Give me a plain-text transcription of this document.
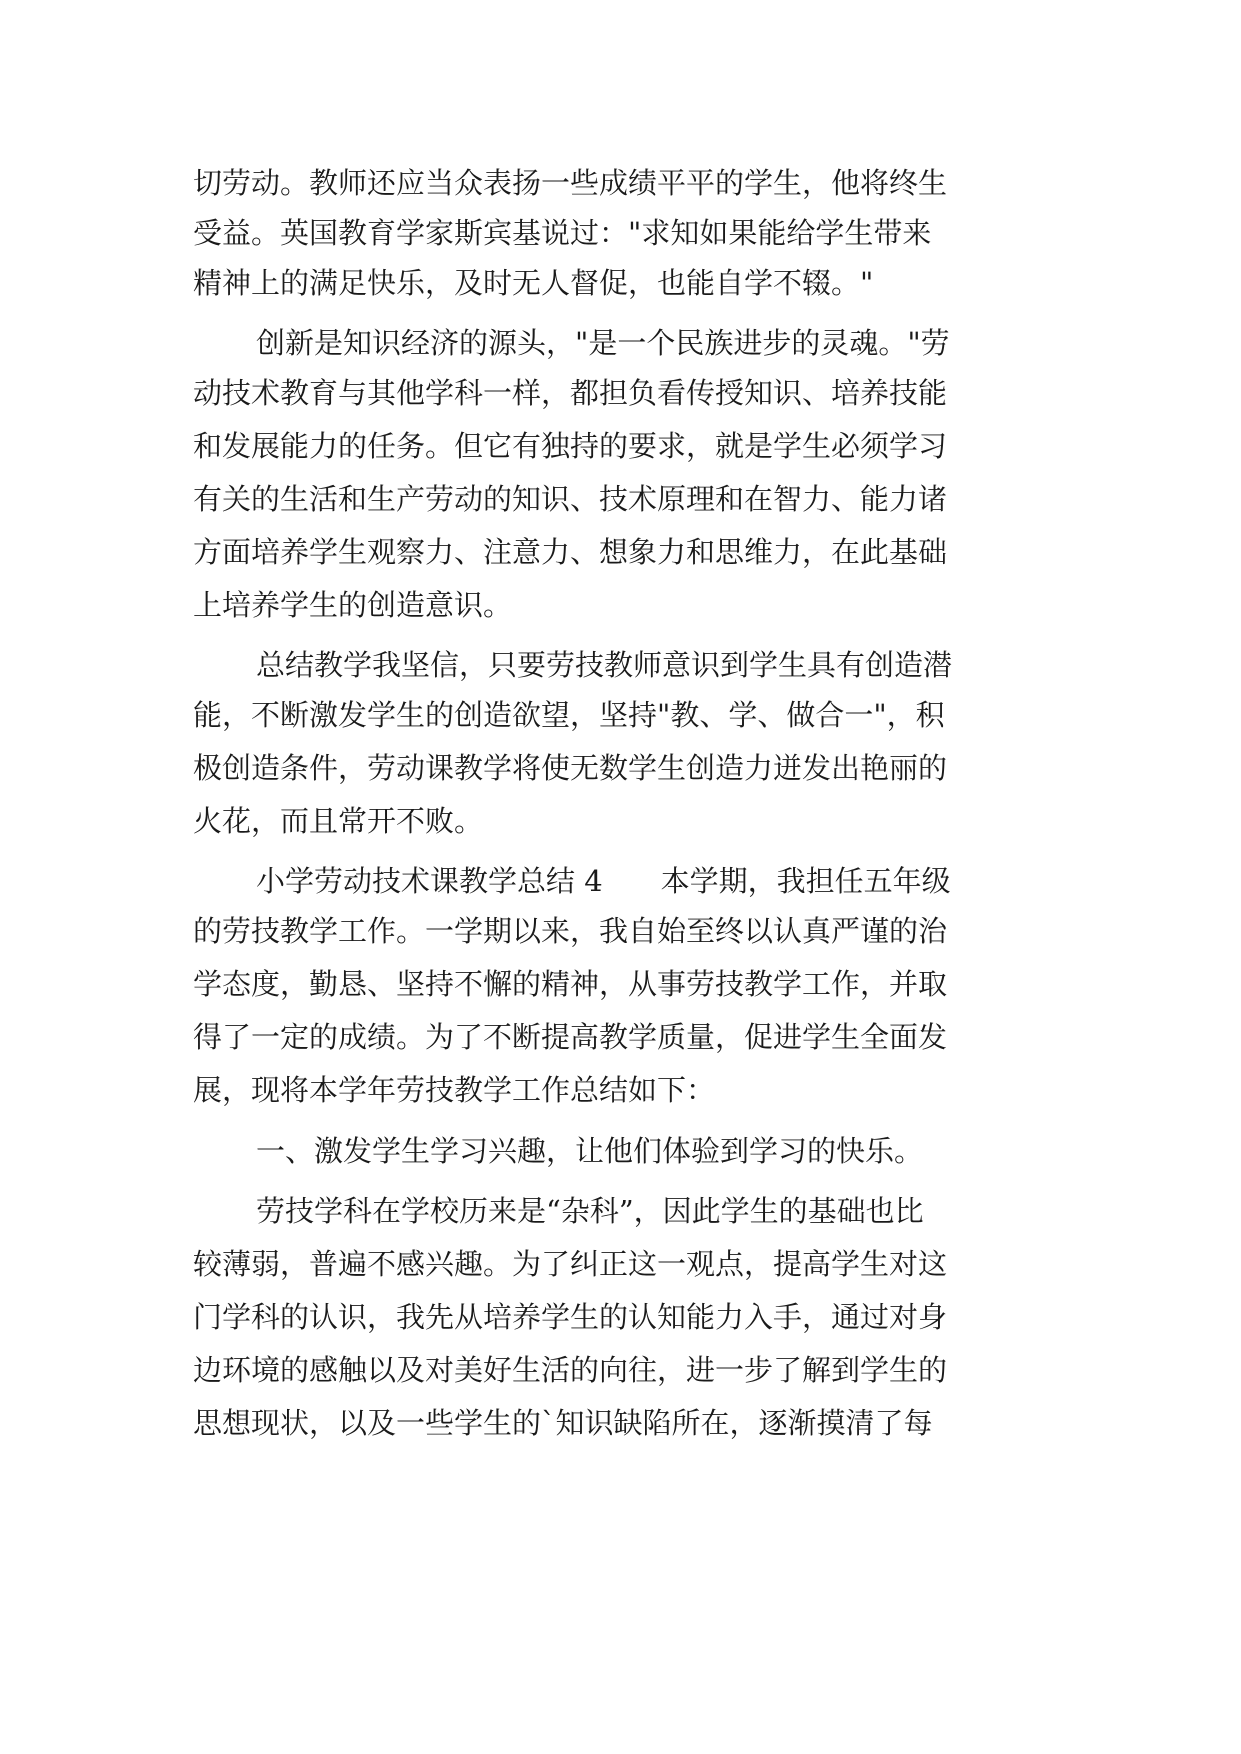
切劳动。教师还应当众表扬一些成绩平平的学生，他将终生
受益。英国教育学家斯宾基说过："求知如果能给学生带来
精神上的满足快乐，及时无人督促，也能自学不辍。"
创新是知识经济的源头，"是一个民族进步的灵魂。"劳
动技术教育与其他学科一样，都担负看传授知识、培养技能
和发展能力的任务。但它有独持的要求，就是学生必须学习
有关的生活和生产劳动的知识、技术原理和在智力、能力诸
方面培养学生观察力、注意力、想象力和思维力，在此基础
上培养学生的创造意识。
总结教学我坚信，只要劳技教师意识到学生具有创造潜
能，不断激发学生的创造欲望，坚持"教、学、做合一"，积
极创造条件，劳动课教学将使无数学生创造力迸发出艳丽的
火花，而且常开不败。
小学劳动技术课教学总结 4　　本学期，我担任五年级
的劳技教学工作。一学期以来，我自始至终以认真严谨的治
学态度，勤恳、坚持不懈的精神，从事劳技教学工作，并取
得了一定的成绩。为了不断提高教学质量，促进学生全面发
展，现将本学年劳技教学工作总结如下：
一、激发学生学习兴趣，让他们体验到学习的快乐。
劳技学科在学校历来是“杂科”，因此学生的基础也比
较薄弱，普遍不感兴趣。为了纠正这一观点，提高学生对这
门学科的认识，我先从培养学生的认知能力入手，通过对身
边环境的感触以及对美好生活的向往，进一步了解到学生的
思想现状，以及一些学生的`知识缺陷所在，逐渐摸清了每
